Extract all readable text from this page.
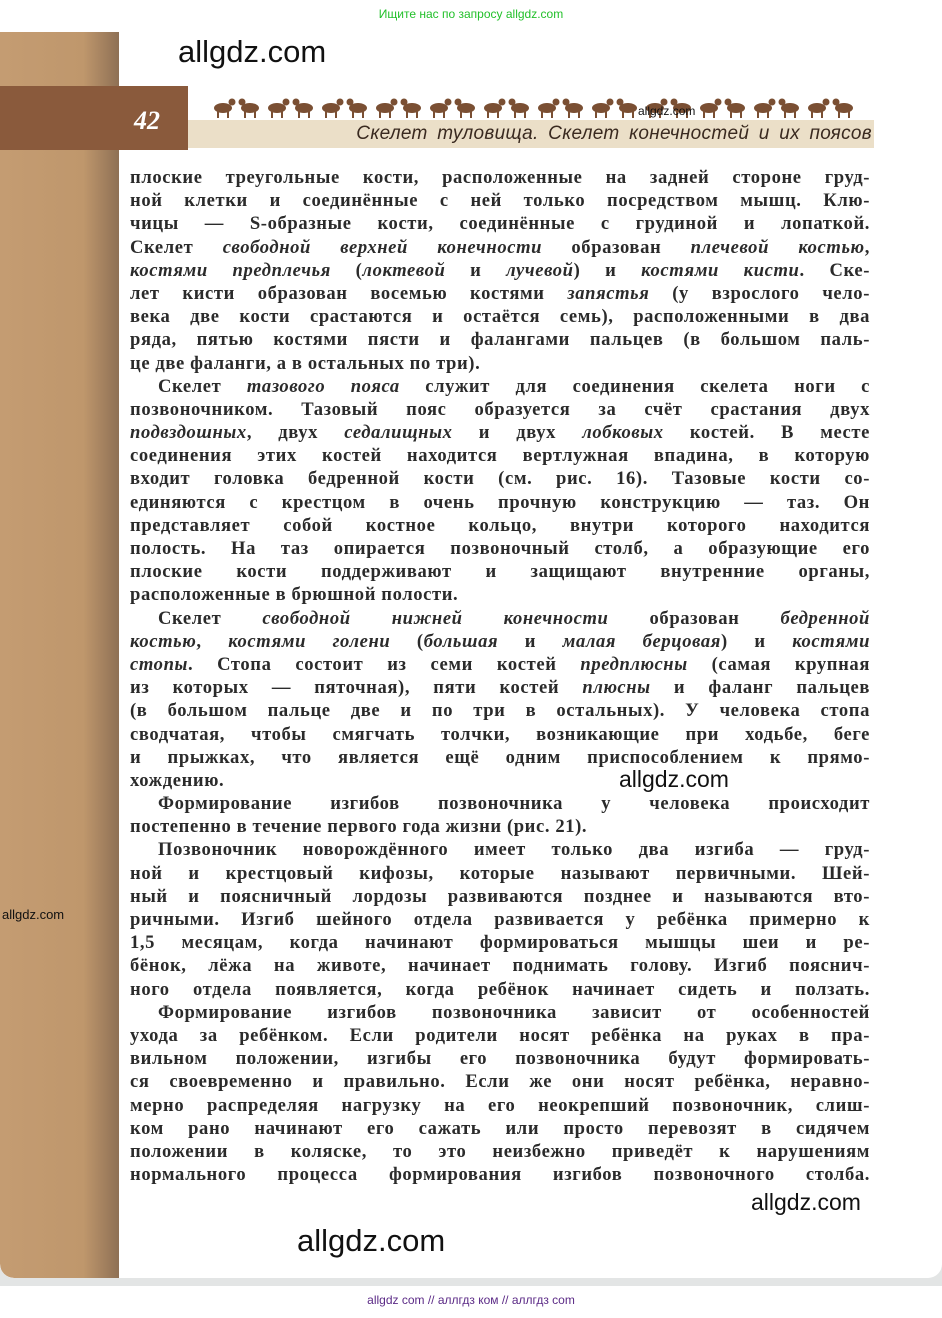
Ищите нас по запросу allgdz.com
allgdz.com
42	Скелет туловища. Скелет конечностей и их поясов
allgdz.com
allgdz.com
allgdz.com
allgdz.com
allgdz.com
плоские треугольные кости, расположенные на задней стороне груд-
ной клетки и соединённые с ней только посредством мышц. Клю-
чицы — S-образные кости, соединённые с грудиной и лопаткой.
Скелет свободной верхней конечности образован плечевой костью,
костями предплечья (локтевой и лучевой) и костями кисти. Ске-
лет кисти образован восемью костями запястья (у взрослого чело-
века две кости срастаются и остаётся семь), расположенными в два
ряда, пятью костями пясти и фалангами пальцев (в большом паль-
це две фаланги, а в остальных по три).
Скелет тазового пояса служит для соединения скелета ноги с
позвоночником. Тазовый пояс образуется за счёт срастания двух
подвздошных, двух седалищных и двух лобковых костей. В месте
соединения этих костей находится вертлужная впадина, в которую
входит головка бедренной кости (см. рис. 16). Тазовые кости со-
единяются с крестцом в очень прочную конструкцию — таз. Он
представляет собой костное кольцо, внутри которого находится
полость. На таз опирается позвоночный столб, а образующие его
плоские кости поддерживают и защищают внутренние органы,
расположенные в брюшной полости.
Скелет свободной нижней конечности образован бедренной
костью, костями голени (большая и малая берцовая) и костями
стопы. Стопа состоит из семи костей предплюсны (самая крупная
из которых — пяточная), пяти костей плюсны и фаланг пальцев
(в большом пальце две и по три в остальных). У человека стопа
сводчатая, чтобы смягчать толчки, возникающие при ходьбе, беге
и прыжках, что является ещё одним приспособлением к прямо-
хождению.
Формирование изгибов позвоночника у человека происходит
постепенно в течение первого года жизни (рис. 21).
Позвоночник новорождённого имеет только два изгиба — груд-
ной и крестцовый кифозы, которые называют первичными. Шей-
ный и поясничный лордозы развиваются позднее и называются вто-
ричными. Изгиб шейного отдела развивается у ребёнка примерно к
1,5 месяцам, когда начинают формироваться мышцы шеи и ре-
бёнок, лёжа на животе, начинает поднимать голову. Изгиб пояснич-
ного отдела появляется, когда ребёнок начинает сидеть и ползать.
Формирование изгибов позвоночника зависит от особенностей
ухода за ребёнком. Если родители носят ребёнка на руках в пра-
вильном положении, изгибы его позвоночника будут формировать-
ся своевременно и правильно. Если же они носят ребёнка, неравно-
мерно распределяя нагрузку на его неокрепший позвоночник, слиш-
ком рано начинают его сажать или просто перевозят в сидячем
положении в коляске, то это неизбежно приведёт к нарушениям
нормального процесса формирования изгибов позвоночного столба.
allgdz com // аллгдз ком // аллгдз com
